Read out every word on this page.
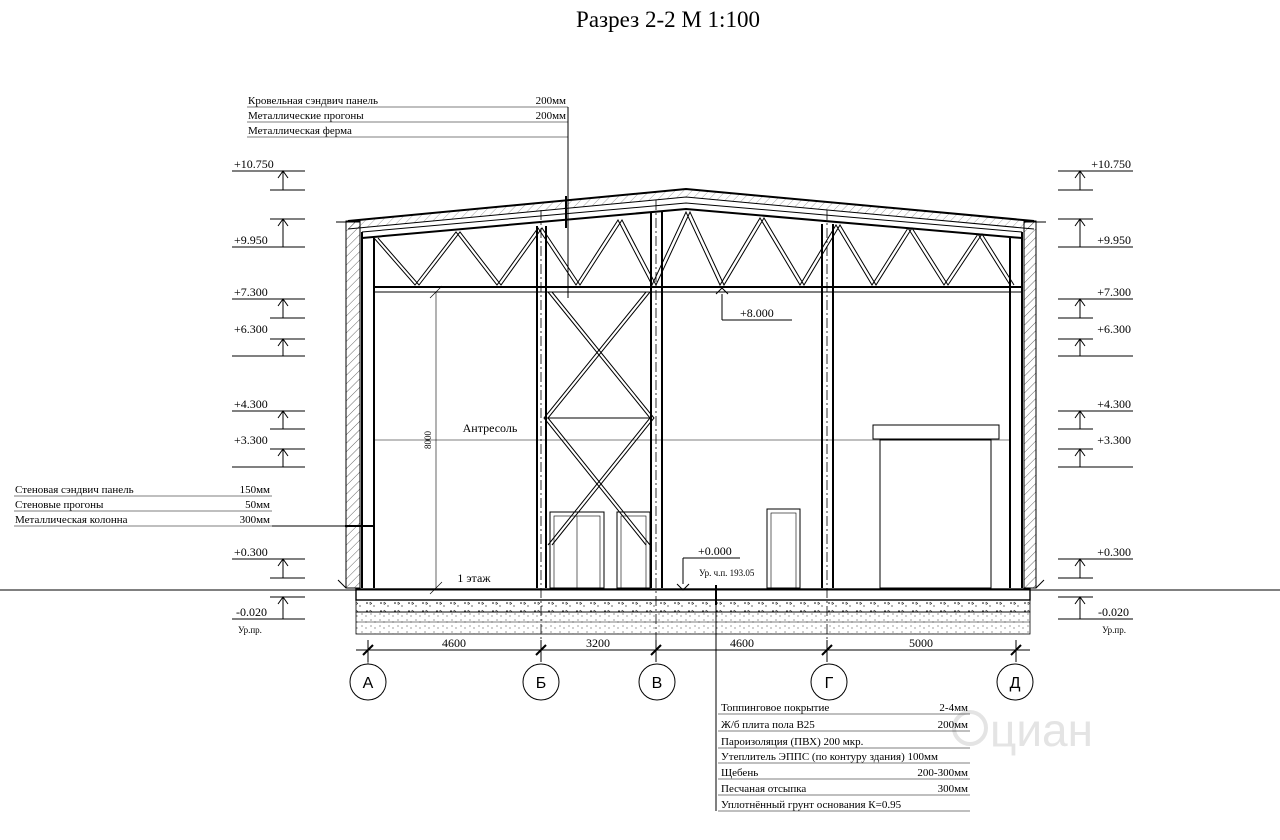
циан
Разрез 2-2 М 1:100
Кровельная сэндвич панель	200мм
Металлические прогоны	200мм
Металлическая ферма
Стеновая сэндвич панель	150мм
Стеновые прогоны	50мм
Металлическая колонна	300мм
Топпинговое покрытие	2-4мм
Ж/б плита пола B25	200мм
Пароизоляция (ПВХ) 200 мкр.
Утеплитель ЭППС (по контуру здания) 100мм
Щебень	200-300мм
Песчаная отсыпка	300мм
Уплотнённый грунт основания К=0.95
8000
Антресоль
1 этаж
+8.000
+0.000
Ур. ч.п. 193.05
+10.750
+9.950
+7.300
+6.300
+4.300
+3.300
+0.300
-0.020
Ур.пр.
+10.750
+9.950
+7.300
+6.300
+4.300
+3.300
+0.300
-0.020
Ур.пр.
4600	3200	4600	5000
А	Б	В	Г	Д
